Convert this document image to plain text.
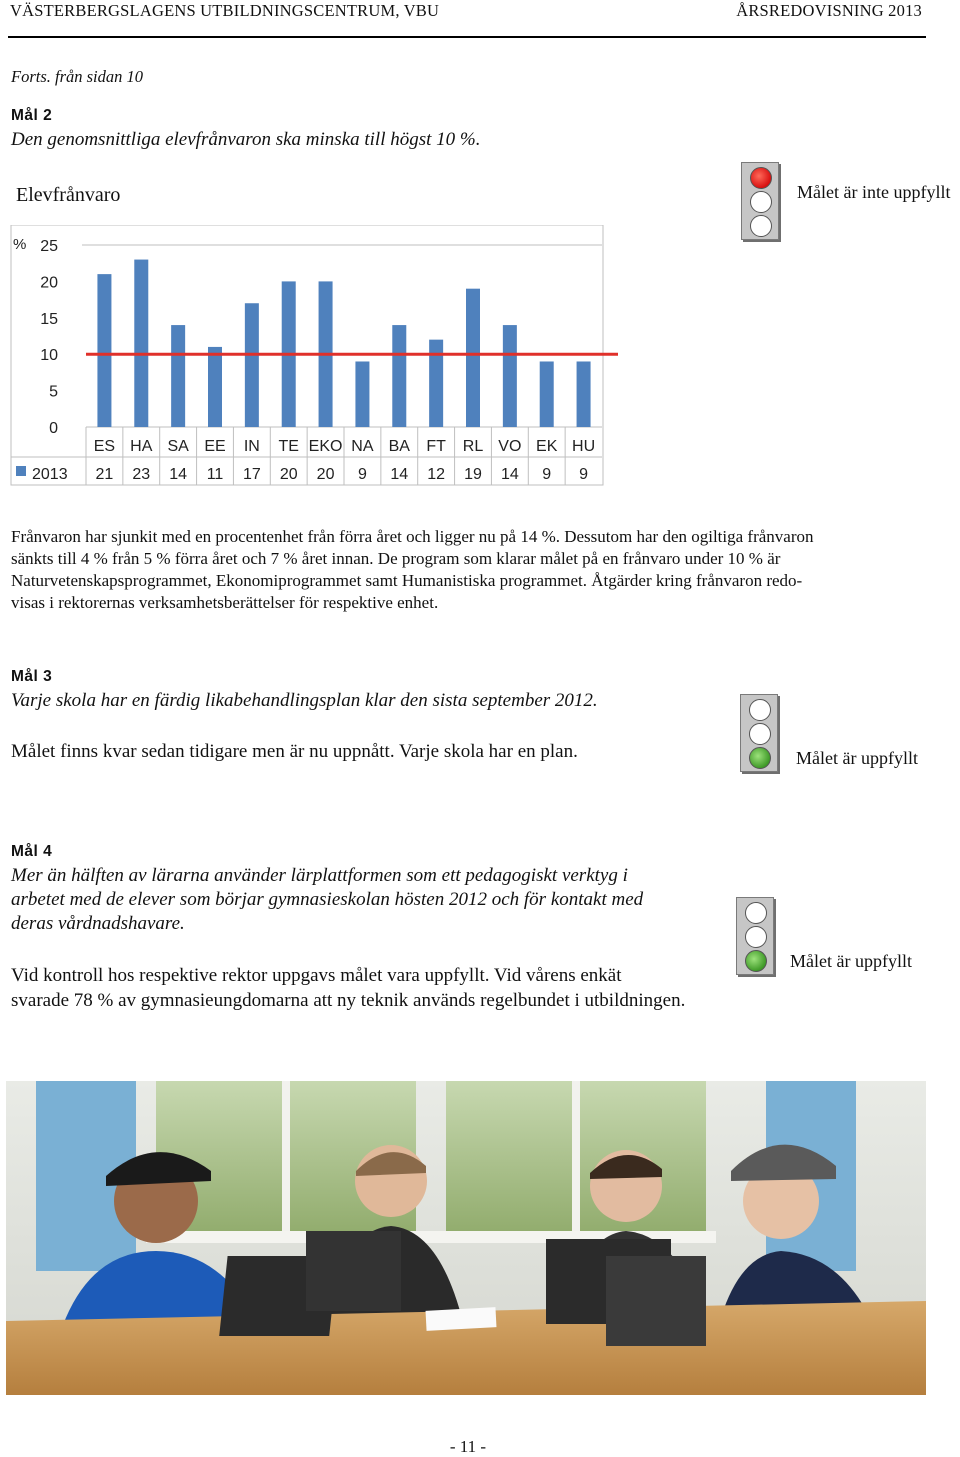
VÄSTERBERGSLAGENS UTBILDNINGSCENTRUM, VBU	ÅRSREDOVISNING 2013
Forts. från sidan 10
Mål 2
Den genomsnittliga elevfrånvaron ska minska till högst 10 %.
Elevfrånvaro
%
0
5
10
15
20
25
ES
21
HA
23
SA
14
EE
11
IN
17
TE
20
EKO
20
NA
9
BA
14
FT
12
RL
19
VO
14
EK
9
HU
9
2013
Målet är inte uppfyllt
Frånvaron har sjunkit med en procentenhet från förra året och ligger nu på 14 %. Dessutom har den ogiltiga frånvaron
sänkts till 4 % från 5 % förra året och 7 % året innan. De program som klarar målet på en frånvaro under 10 % är
Naturvetenskapsprogrammet, Ekonomiprogrammet samt Humanistiska programmet. Åtgärder kring frånvaron redo-
visas i rektorernas verksamhetsberättelser för respektive enhet.
Mål 3
Varje skola har en färdig likabehandlingsplan klar den sista september 2012.
Målet finns kvar sedan tidigare men är nu uppnått. Varje skola har en plan.	Målet är uppfyllt
Mål 4
Mer än hälften av lärarna använder lärplattformen som ett pedagogiskt verktyg i
arbetet med de elever som börjar gymnasieskolan hösten 2012 och för kontakt med
deras vårdnadshavare.
Vid kontroll hos respektive rektor uppgavs målet vara uppfyllt. Vid vårens enkät
svarade 78 % av gymnasieungdomarna att ny teknik används regelbundet i utbildningen.
Målet är uppfyllt
- 11 -
